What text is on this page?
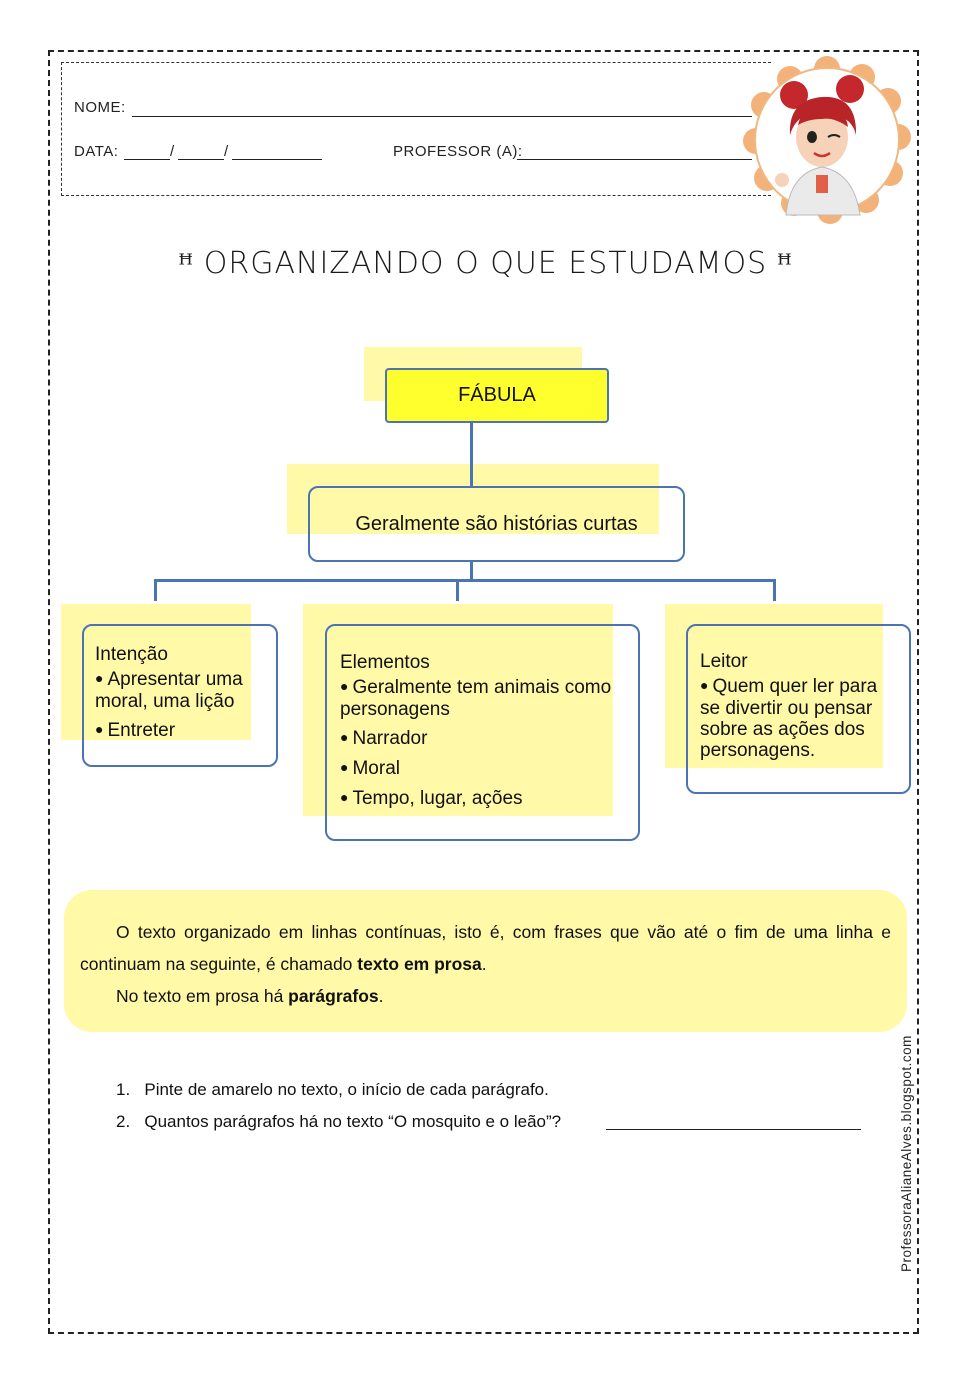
NOME:
DATA:	/	/	PROFESSOR (A):
ꟸ ORGANIZANDO O QUE ESTUDAMOS ꟸ
FÁBULA
Geralmente são histórias curtas
Intenção
● Apresentar uma moral, uma lição
● Entreter
Elementos
● Geralmente tem animais como personagens
● Narrador
● Moral
● Tempo, lugar, ações
Leitor
● Quem quer ler para se divertir ou pensar sobre as ações dos personagens.

O texto organizado em linhas contínuas, isto é, com frases que vão até o fim de uma linha e continuam na seguinte, é chamado texto em prosa.

No texto em prosa há parágrafos.

1. Pinte de amarelo no texto, o início de cada parágrafo.
2. Quantos parágrafos há no texto “O mosquito e o leão”?	ProfessoraAlianeAlves.blogspot.com
